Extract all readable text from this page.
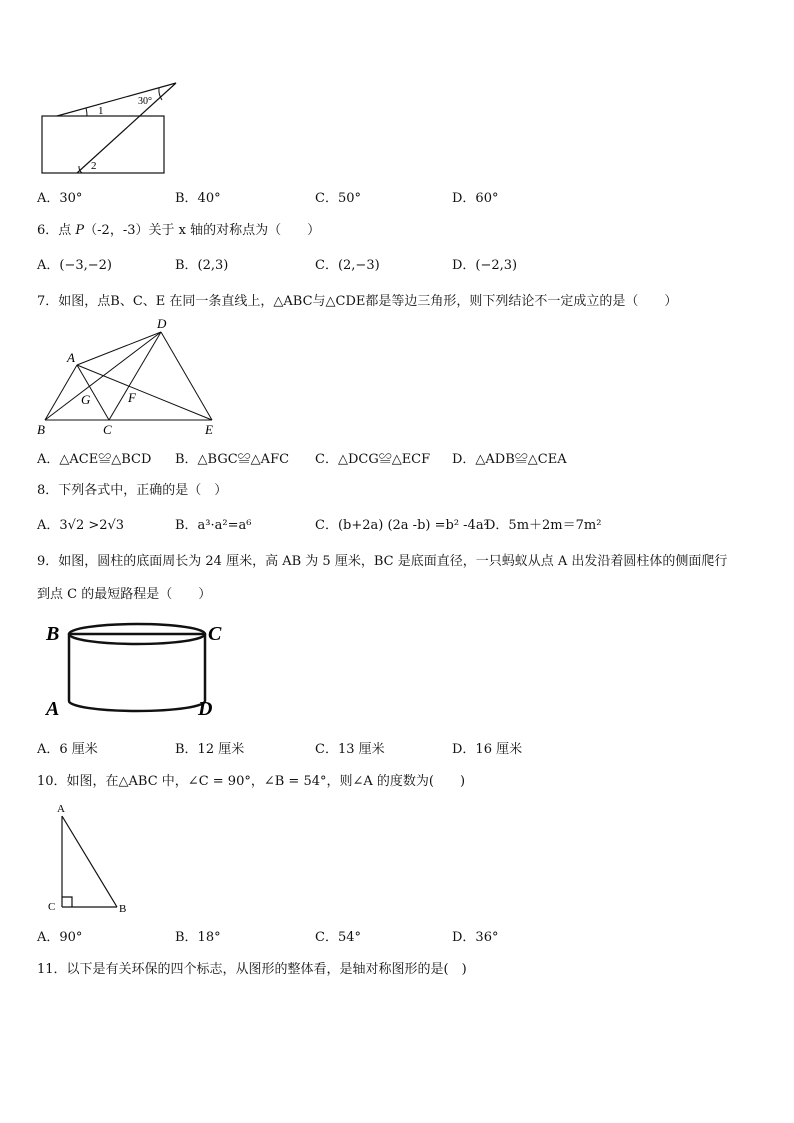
1
30°
2
A．30°	B．40°	C．50°	D．60°
6．点 P（-2，-3）关于 x 轴的对称点为（　　）
A．(−3,−2)	B．(2,3)	C．(2,−3)	D．(−2,3)
7．如图，点B、C、E 在同一条直线上，△ABC与△CDE都是等边三角形，则下列结论不一定成立的是（　　）
A
B	C
D
E
F
G
A．△ACE≌△BCD B．△BGC≌△AFC C．△DCG≌△ECF D．△ADB≌△CEA
8．下列各式中，正确的是（　）
A．3√2 >2√3	B．a³·a²=a⁶	C．(b+2a) (2a -b) =b² -4a²
D．5m＋2m＝7m²
9．如图，圆柱的底面周长为 24 厘米，高 AB 为 5 厘米，BC 是底面直径，一只蚂蚁从点 A 出发沿着圆柱体的侧面爬行
到点 C 的最短路程是（　　）
B	C
A	D
A．6 厘米	B．12 厘米	C．13 厘米	D．16 厘米
10．如图，在△ABC 中，∠C = 90°，∠B = 54°，则∠A 的度数为(　　)
A
C	B
A．90°	B．18°	C．54°	D．36°
11．以下是有关环保的四个标志，从图形的整体看，是轴对称图形的是(　)
